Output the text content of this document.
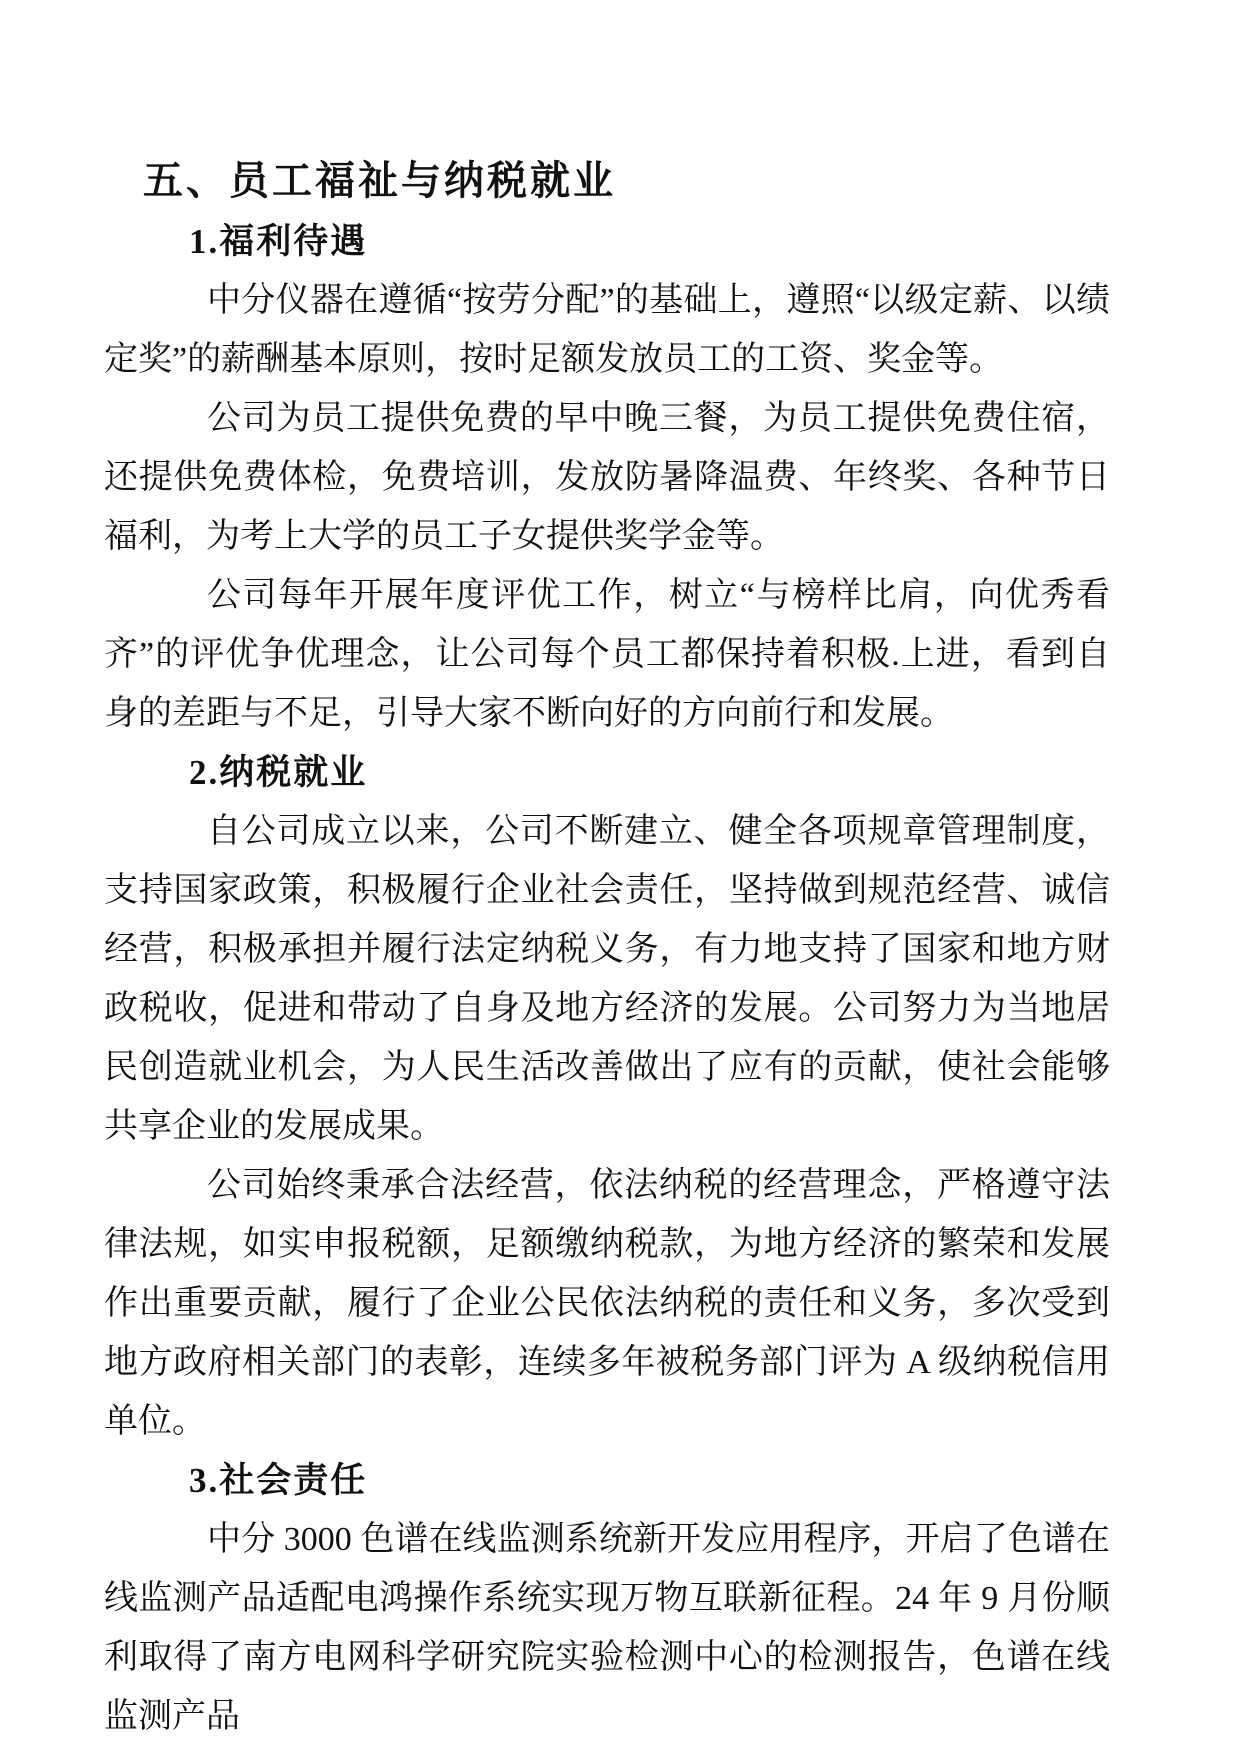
五、员工福祉与纳税就业
1.福利待遇

中分仪器在遵循“按劳分配”的基础上，遵照“以级定薪、以绩定奖”的薪酬基本原则，按时足额发放员工的工资、奖金等。

公司为员工提供免费的早中晚三餐，为员工提供免费住宿，还提供免费体检，免费培训，发放防暑降温费、年终奖、各种节日福利，为考上大学的员工子女提供奖学金等。

公司每年开展年度评优工作，树立“与榜样比肩，向优秀看齐”的评优争优理念，让公司每个员工都保持着积极.上进，看到自身的差距与不足，引导大家不断向好的方向前行和发展。

2.纳税就业

自公司成立以来，公司不断建立、健全各项规章管理制度，支持国家政策，积极履行企业社会责任，坚持做到规范经营、诚信经营，积极承担并履行法定纳税义务，有力地支持了国家和地方财政税收，促进和带动了自身及地方经济的发展。公司努力为当地居民创造就业机会，为人民生活改善做出了应有的贡献，使社会能够共享企业的发展成果。

公司始终秉承合法经营，依法纳税的经营理念，严格遵守法律法规，如实申报税额，足额缴纳税款，为地方经济的繁荣和发展作出重要贡献，履行了企业公民依法纳税的责任和义务，多次受到地方政府相关部门的表彰，连续多年被税务部门评为 A 级纳税信用单位。

3.社会责任

中分 3000 色谱在线监测系统新开发应用程序，开启了色谱在线监测产品适配电鸿操作系统实现万物互联新征程。24 年 9 月份顺利取得了南方电网科学研究院实验检测中心的检测报告，色谱在线监测产品
